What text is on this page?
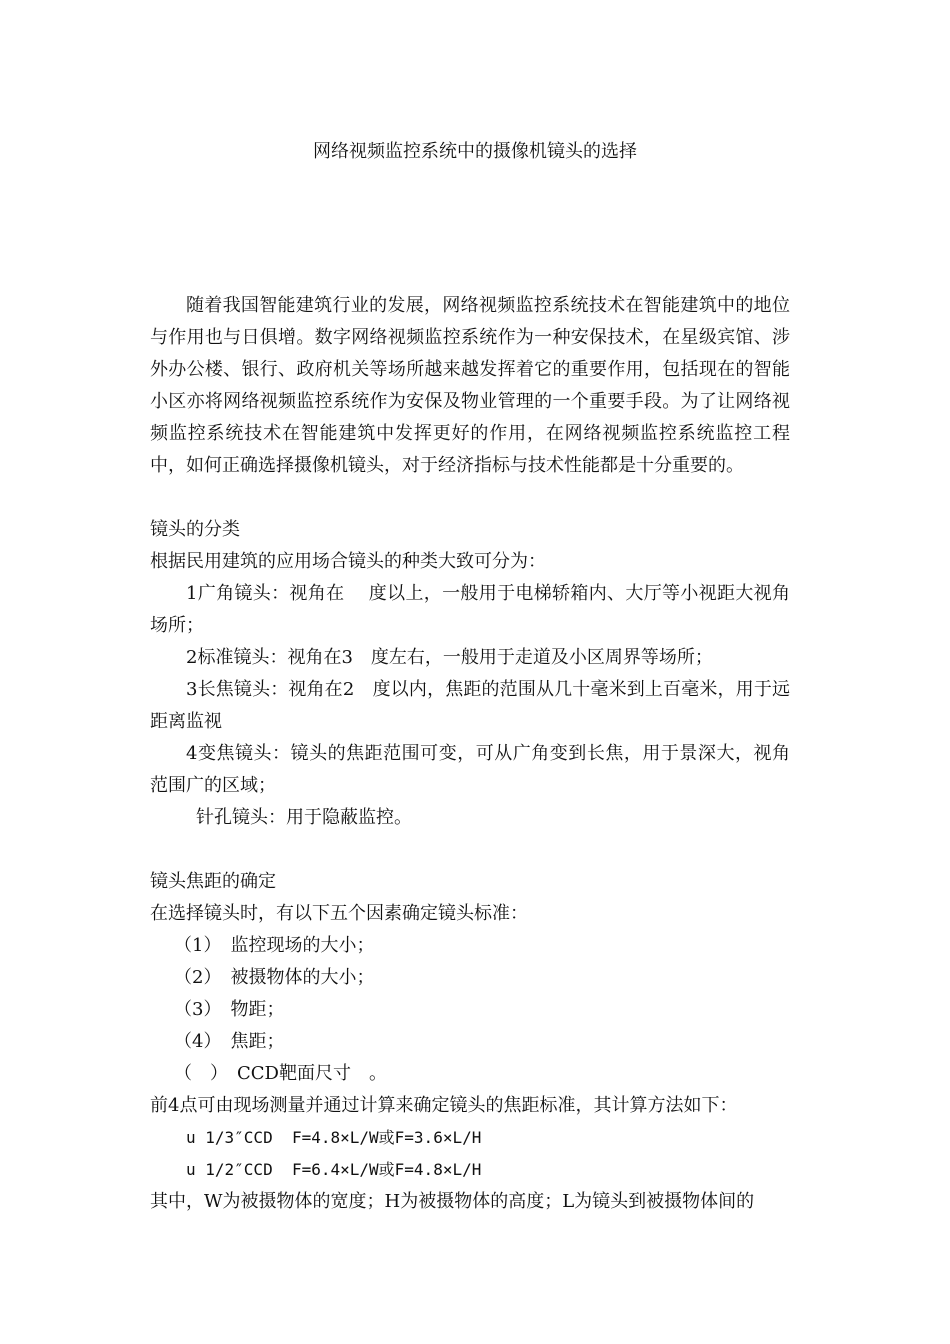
网络视频监控系统中的摄像机镜头的选择

随着我国智能建筑行业的发展，网络视频监控系统技术在智能建筑中的地位与作用也与日俱增。数字网络视频监控系统作为一种安保技术，在星级宾馆、涉外办公楼、银行、政府机关等场所越来越发挥着它的重要作用，包括现在的智能小区亦将网络视频监控系统作为安保及物业管理的一个重要手段。为了让网络视频监控系统技术在智能建筑中发挥更好的作用，在网络视频监控系统监控工程中，如何正确选择摄像机镜头，对于经济指标与技术性能都是十分重要的。

镜头的分类

根据民用建筑的应用场合镜头的种类大致可分为：

1广角镜头：视角在　 度以上，一般用于电梯轿箱内、大厅等小视距大视角场所；

2标准镜头：视角在3　度左右，一般用于走道及小区周界等场所；

3长焦镜头：视角在2　度以内，焦距的范围从几十毫米到上百毫米，用于远距离监视

4变焦镜头：镜头的焦距范围可变，可从广角变到长焦，用于景深大，视角范围广的区域；

针孔镜头：用于隐蔽监控。

镜头焦距的确定

在选择镜头时，有以下五个因素确定镜头标准：

（1）　监控现场的大小；

（2）　被摄物体的大小；

（3）　物距；

（4）　焦距；

（　）　CCD靶面尺寸　。

前4点可由现场测量并通过计算来确定镜头的焦距标准，其计算方法如下：

u 1/3″CCD  F=4.8×L/W或F=3.6×L/H

u 1/2″CCD  F=6.4×L/W或F=4.8×L/H

其中，W为被摄物体的宽度；H为被摄物体的高度；L为镜头到被摄物体间的
